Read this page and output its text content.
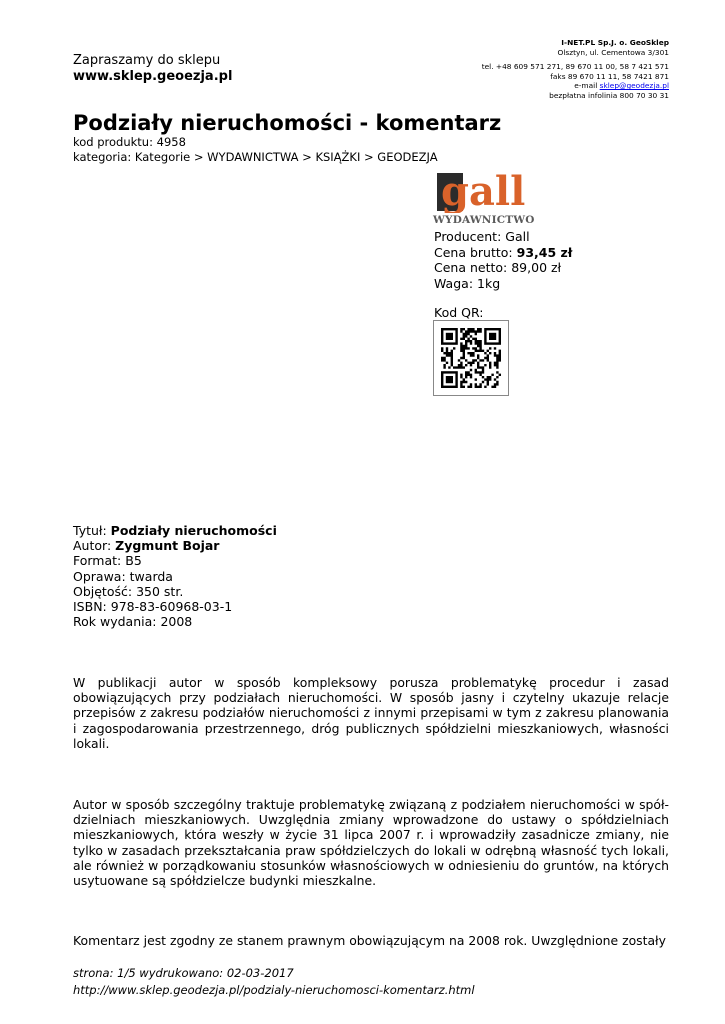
Zapraszamy do sklepu
www.sklep.geoezja.pl
I-NET.PL Sp.J. o. GeoSklep
Olsztyn, ul. Cementowa 3/301
tel. +48 609 571 271, 89 670 11 00, 58 7 421 571
faks 89 670 11 11, 58 7421 871
e-mail sklep@geodezja.pl
bezpłatna infolinia 800 70 30 31
Podziały nieruchomości - komentarz
kod produktu: 4958
kategoria: Kategorie > WYDAWNICTWA > KSIĄŻKI > GEODEZJA
gall
WYDAWNICTWO
Producent: Gall
Cena brutto: 93,45 zł
Cena netto: 89,00 zł
Waga: 1kg
Kod QR:
Tytuł: Podziały nieruchomości
Autor: Zygmunt Bojar
Format: B5
Oprawa: twarda
Objętość: 350 str.
ISBN: 978-83-60968-03-1
Rok wydania: 2008

W publikacji autor w sposób kompleksowy porusza problematykę procedur i zasad obowiązujących przy podziałach nieruchomości. W sposób jasny i czytelny ukazuje relacje przepisów z zakresu podziałów nieruchomości z innymi przepisami w tym z zakresu planowania i zagospodarowania przestrzennego, dróg publicznych spółdzielni mieszkaniowych, własności lokali.

Autor w sposób szczególny traktuje problematykę związaną z podziałem nieruchomości w spół-dzielniach mieszkaniowych. Uwzględnia zmiany wprowadzone do ustawy o spółdzielniach mieszkaniowych, która weszły w życie 31 lipca 2007 r. i wprowadziły zasadnicze zmiany, nie tylko w zasadach przekształcania praw spółdzielczych do lokali w odrębną własność tych lokali, ale również w porządkowaniu stosunków własnościowych w odniesieniu do gruntów, na których usytuowane są spółdzielcze budynki mieszkalne.

Komentarz jest zgodny ze stanem prawnym obowiązującym na 2008 rok. Uwzględnione zostały

strona: 1/5 wydrukowano: 02-03-2017
http://www.sklep.geodezja.pl/podzialy-nieruchomosci-komentarz.html
